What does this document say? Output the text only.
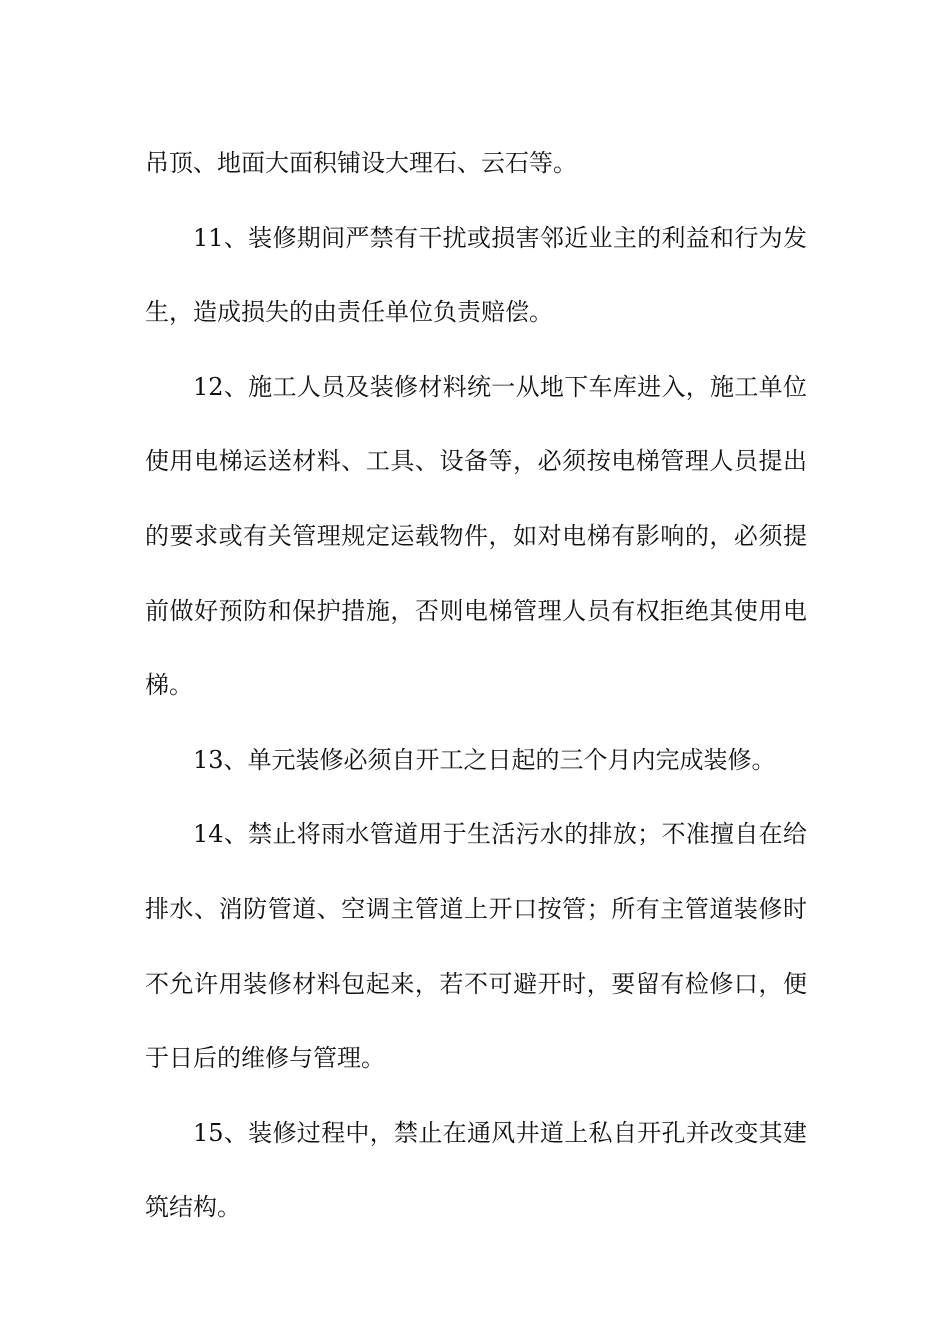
吊顶、地面大面积铺设大理石、云石等。

11、装修期间严禁有干扰或损害邻近业主的利益和行为发生，造成损失的由责任单位负责赔偿。

12、施工人员及装修材料统一从地下车库进入，施工单位使用电梯运送材料、工具、设备等，必须按电梯管理人员提出的要求或有关管理规定运载物件，如对电梯有影响的，必须提前做好预防和保护措施，否则电梯管理人员有权拒绝其使用电梯。

13、单元装修必须自开工之日起的三个月内完成装修。

14、禁止将雨水管道用于生活污水的排放；不准擅自在给排水、消防管道、空调主管道上开口按管；所有主管道装修时不允许用装修材料包起来，若不可避开时，要留有检修口，便于日后的维修与管理。

15、装修过程中，禁止在通风井道上私自开孔并改变其建筑结构。
